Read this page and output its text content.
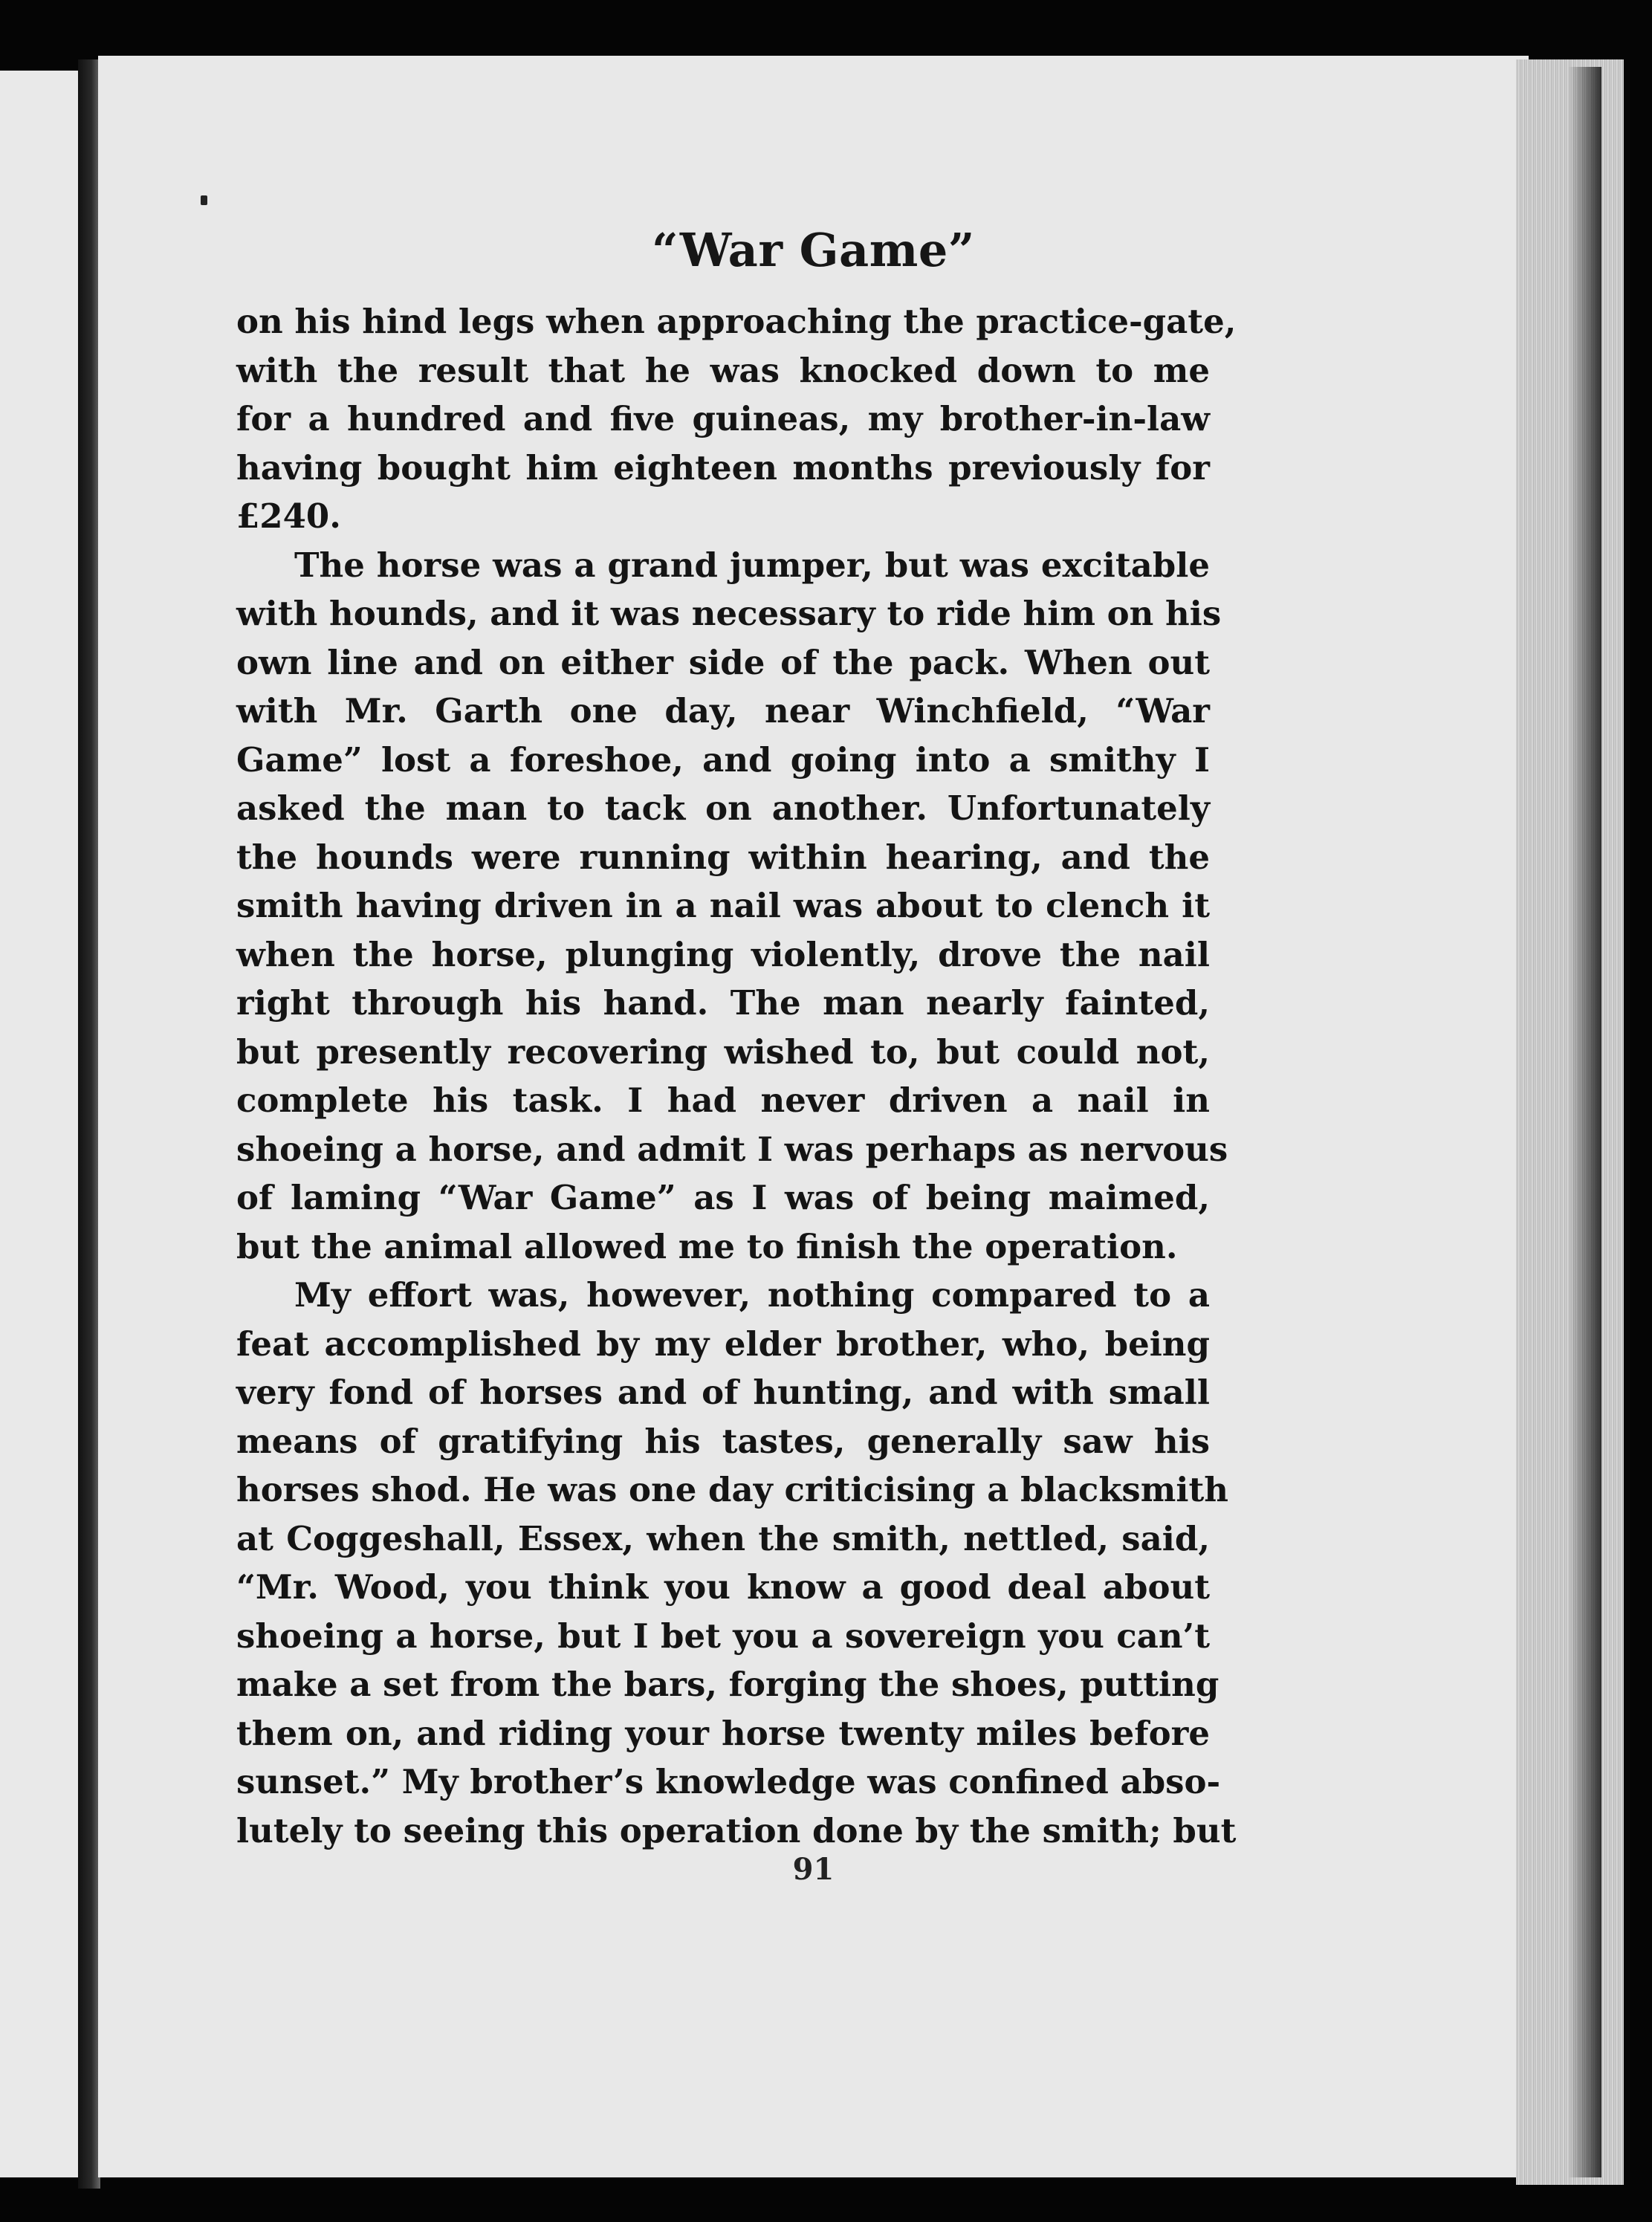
“War Game”
on his hind legs when approaching the practice-gate,
with the result that he was knocked down to me
for a hundred and five guineas, my brother-in-law
having bought him eighteen months previously for
£240.
The horse was a grand jumper, but was excitable
with hounds, and it was necessary to ride him on his
own line and on either side of the pack. When out
with Mr. Garth one day, near Winchfield, “War
Game” lost a foreshoe, and going into a smithy I
asked the man to tack on another. Unfortunately
the hounds were running within hearing, and the
smith having driven in a nail was about to clench it
when the horse, plunging violently, drove the nail
right through his hand. The man nearly fainted,
but presently recovering wished to, but could not,
complete his task. I had never driven a nail in
shoeing a horse, and admit I was perhaps as nervous
of laming “War Game” as I was of being maimed,
but the animal allowed me to finish the operation.
My effort was, however, nothing compared to a
feat accomplished by my elder brother, who, being
very fond of horses and of hunting, and with small
means of gratifying his tastes, generally saw his
horses shod. He was one day criticising a blacksmith
at Coggeshall, Essex, when the smith, nettled, said,
“Mr. Wood, you think you know a good deal about
shoeing a horse, but I bet you a sovereign you can’t
make a set from the bars, forging the shoes, putting
them on, and riding your horse twenty miles before
sunset.” My brother’s knowledge was confined abso-
lutely to seeing this operation done by the smith; but
91
